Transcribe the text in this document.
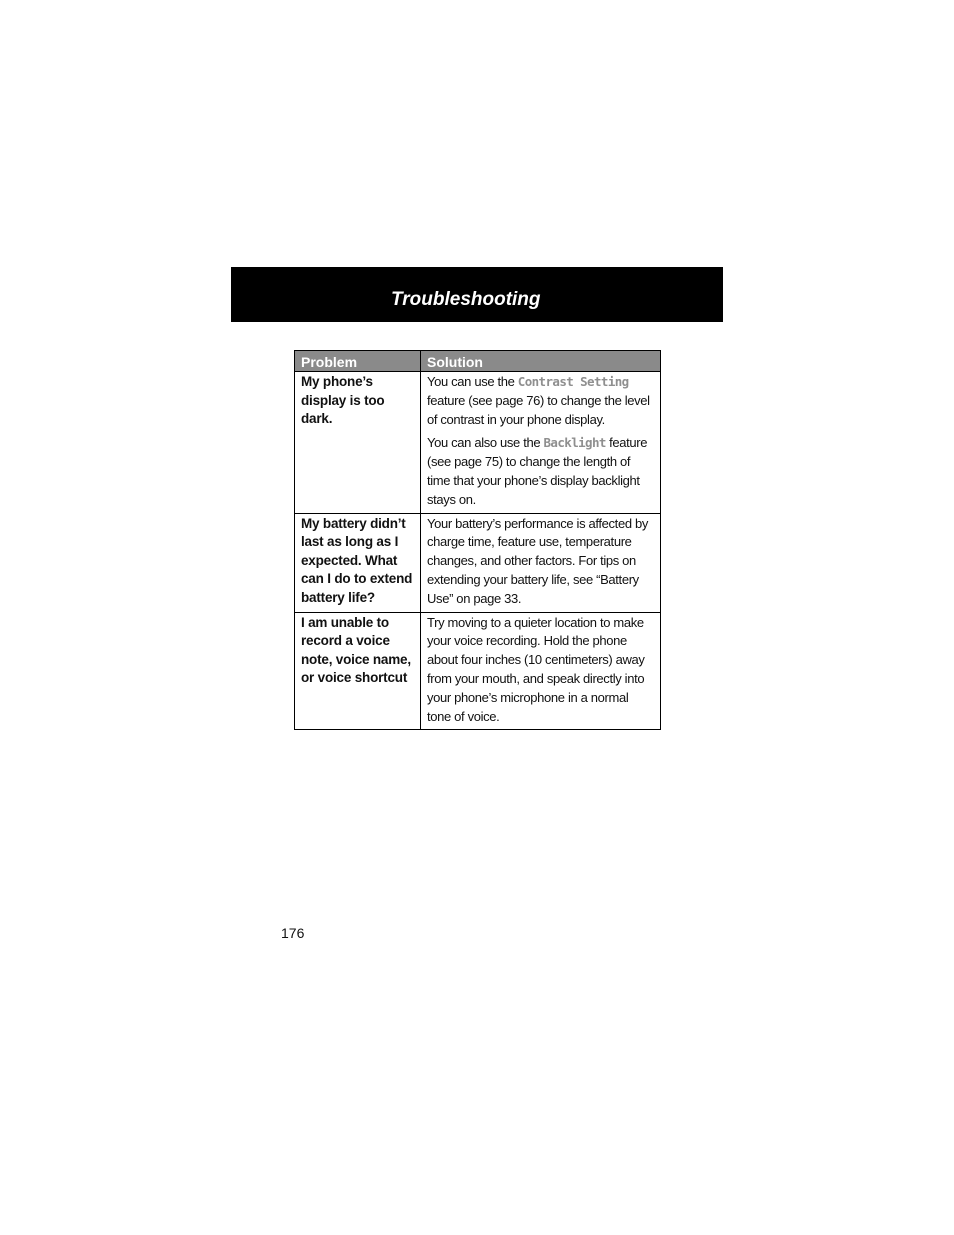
Troubleshooting
Problem	Solution
My phone’s display is too dark.	You can use the Contrast Setting feature (see page 76) to change the level of contrast in your phone display.

You can also use the Backlight feature (see page 75) to change the length of time that your phone’s display backlight stays on.

My battery didn’t last as long as I expected. What can I do to extend battery life?	Your battery’s performance is affected by charge time, feature use, temperature changes, and other factors. For tips on extending your battery life, see “Battery Use” on page 33.

I am unable to record a voice note, voice name, or voice shortcut	Try moving to a quieter location to make your voice recording. Hold the phone about four inches (10 centimeters) away from your mouth, and speak directly into your phone’s microphone in a normal tone of voice.

176
